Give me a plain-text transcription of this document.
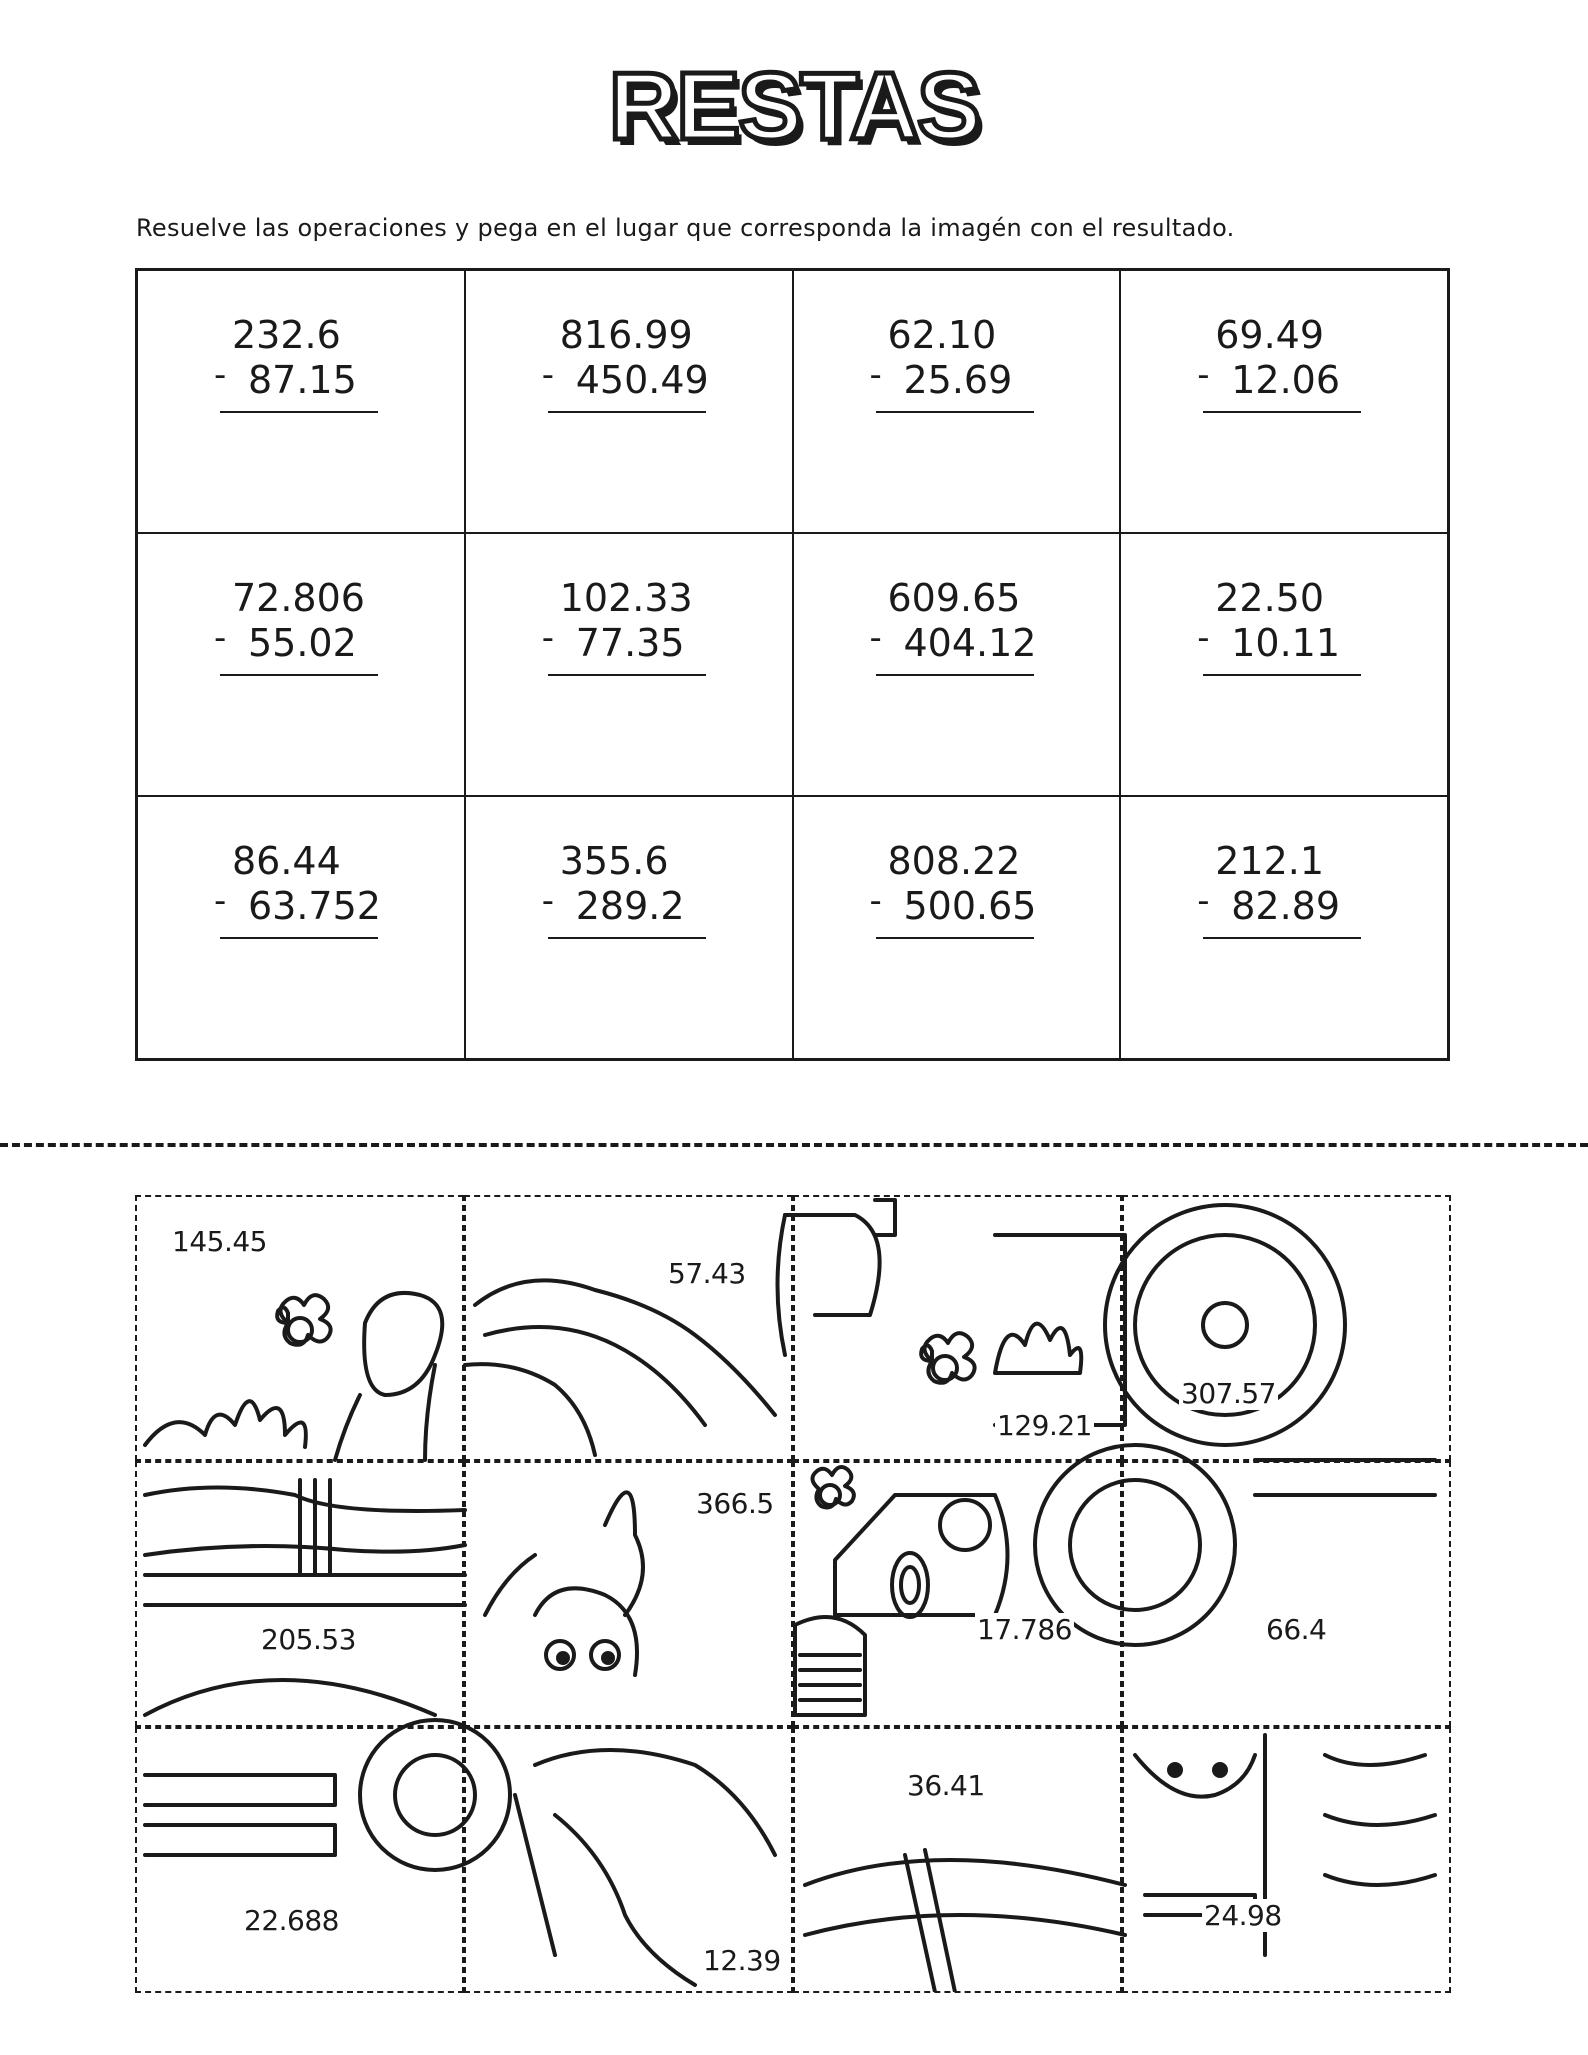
RESTAS
Resuelve las operaciones y pega en el lugar que corresponda la imagén con el resultado.
232.6
- 87.15
816.99
- 450.49
62.10
- 25.69
69.49
- 12.06
72.806
- 55.02
102.33
- 77.35
609.65
- 404.12
22.50
- 10.11
86.44
- 63.752
355.6
- 289.2
808.22
- 500.65
212.1
- 82.89
145.45
57.43
129.21
307.57
205.53
366.5
17.786	66.4
22.688
12.39
36.41
24.98
